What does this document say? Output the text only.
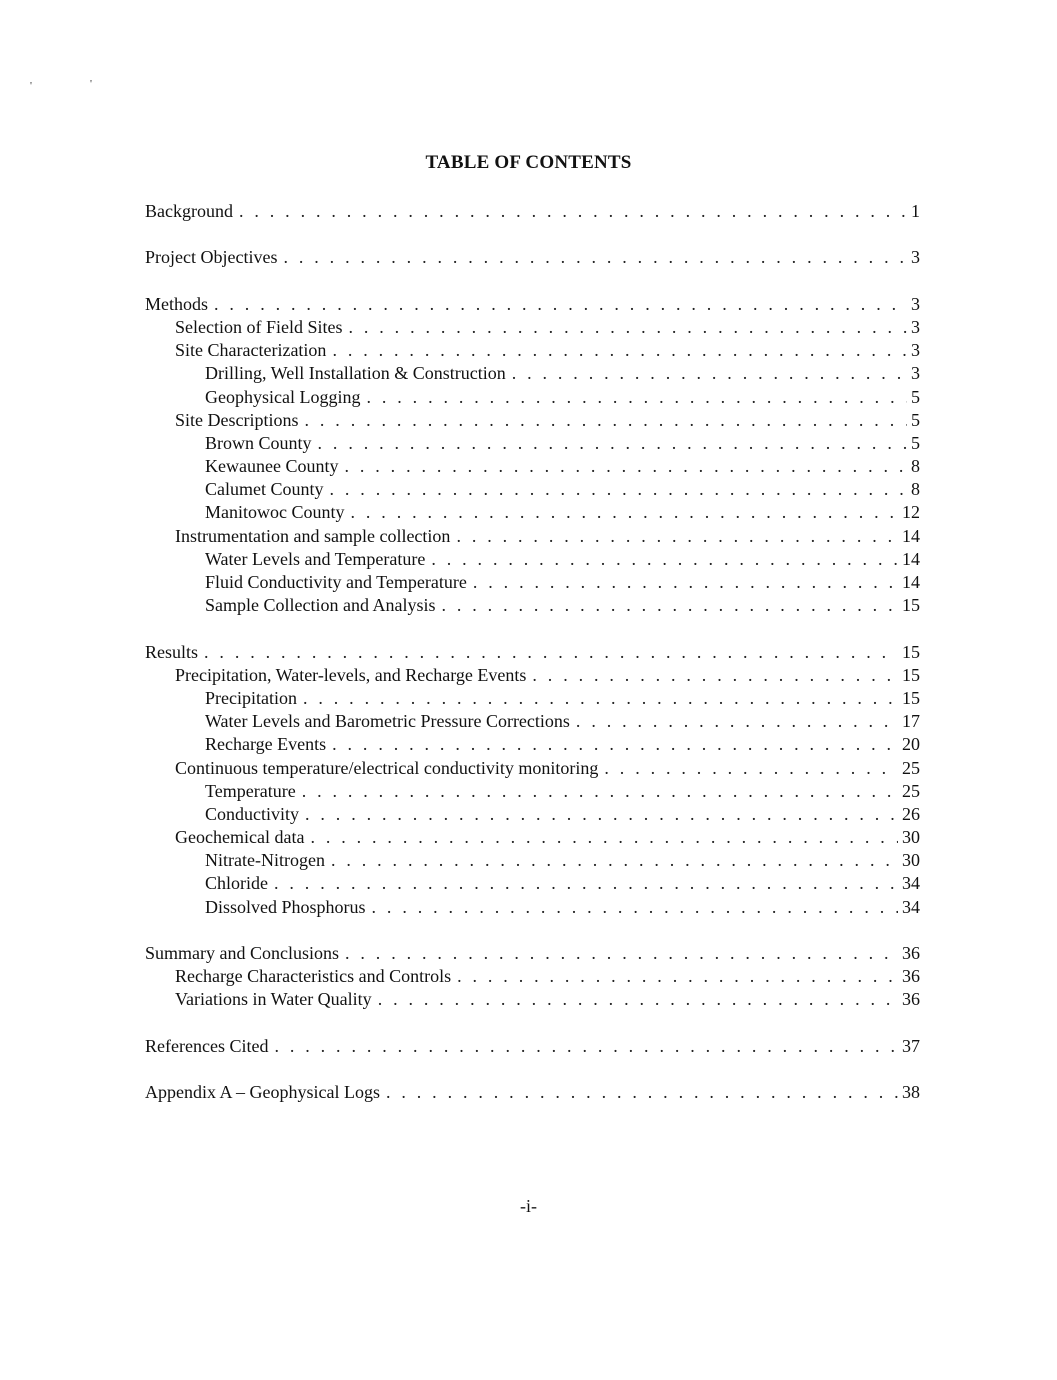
'	'
TABLE OF CONTENTS
Background . . .	1
Project Objectives . . .	3
Methods . . .	3
Selection of Field Sites . . .	3
Site Characterization . . .	3
Drilling, Well Installation & Construction . . .	3
Geophysical Logging . . .	5
Site Descriptions . . .	5
Brown County . . .	5
Kewaunee County . . .	8
Calumet County . . .	8
Manitowoc County . . .	12
Instrumentation and sample collection . . .	14
Water Levels and Temperature . . .	14
Fluid Conductivity and Temperature . . .	14
Sample Collection and Analysis . . .	15
Results . . .	15
Precipitation, Water-levels, and Recharge Events . . .	15
Precipitation . . .	15
Water Levels and Barometric Pressure Corrections . . .	17
Recharge Events . . .	20
Continuous temperature/electrical conductivity monitoring . . .	25
Temperature . . .	25
Conductivity . . .	26
Geochemical data . . .	30
Nitrate-Nitrogen . . .	30
Chloride . . .	34
Dissolved Phosphorus . . .	34
Summary and Conclusions . . .	36
Recharge Characteristics and Controls . . .	36
Variations in Water Quality . . .	36
References Cited . . .	37
Appendix A – Geophysical Logs . . .	38
-i-
